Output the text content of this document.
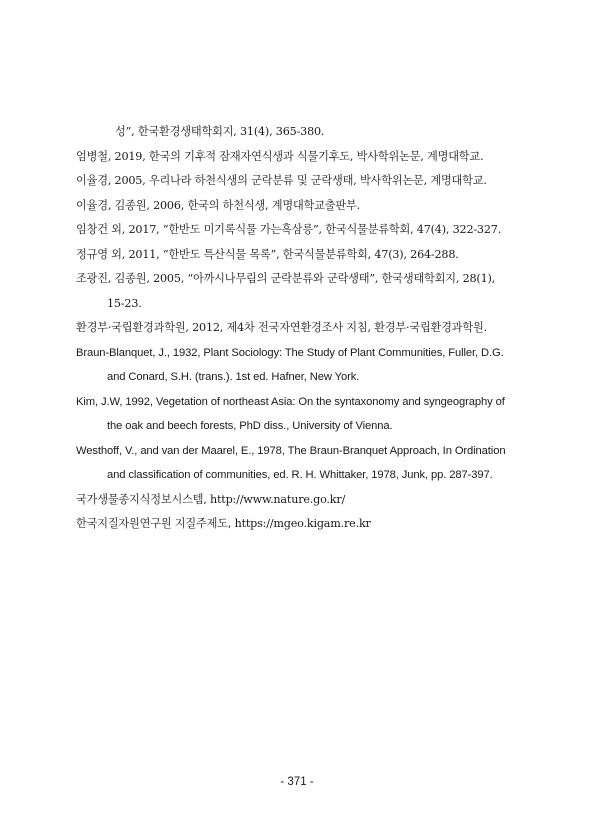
성”, 한국환경생태학회지, 31(4), 365-380.
엄병철, 2019, 한국의 기후적 잠재자연식생과 식물기후도, 박사학위논문, 계명대학교.
이율경, 2005, 우리나라 하천식생의 군락분류 및 군락생태, 박사학위논문, 계명대학교.
이율경, 김종원, 2006, 한국의 하천식생, 계명대학교출판부.
임창건 외, 2017, “한반도 미기록식물 가는흑삼릉”, 한국식물분류학회, 47(4), 322-327.
정규영 외, 2011, “한반도 특산식물 목록”, 한국식물분류학회, 47(3), 264-288.
조광진, 김종원, 2005, “아까시나무림의 군락분류와 군락생태”, 한국생태학회지, 28(1),
15-23.
환경부·국립환경과학원, 2012, 제4차 전국자연환경조사 지침, 환경부·국립환경과학원.
Braun-Blanquet, J., 1932, Plant Sociology: The Study of Plant Communities, Fuller, D.G.
and Conard, S.H. (trans.). 1st ed. Hafner, New York.
Kim, J.W, 1992, Vegetation of northeast Asia: On the syntaxonomy and syngeography of
the oak and beech forests, PhD diss., University of Vienna.
Westhoff, V., and van der Maarel, E., 1978, The Braun-Branquet Approach, In Ordination
and classification of communities, ed. R. H. Whittaker, 1978, Junk, pp. 287-397.
국가생물종지식정보시스템, http://www.nature.go.kr/
한국지질자원연구원 지질주제도, https://mgeo.kigam.re.kr
- 371 -
